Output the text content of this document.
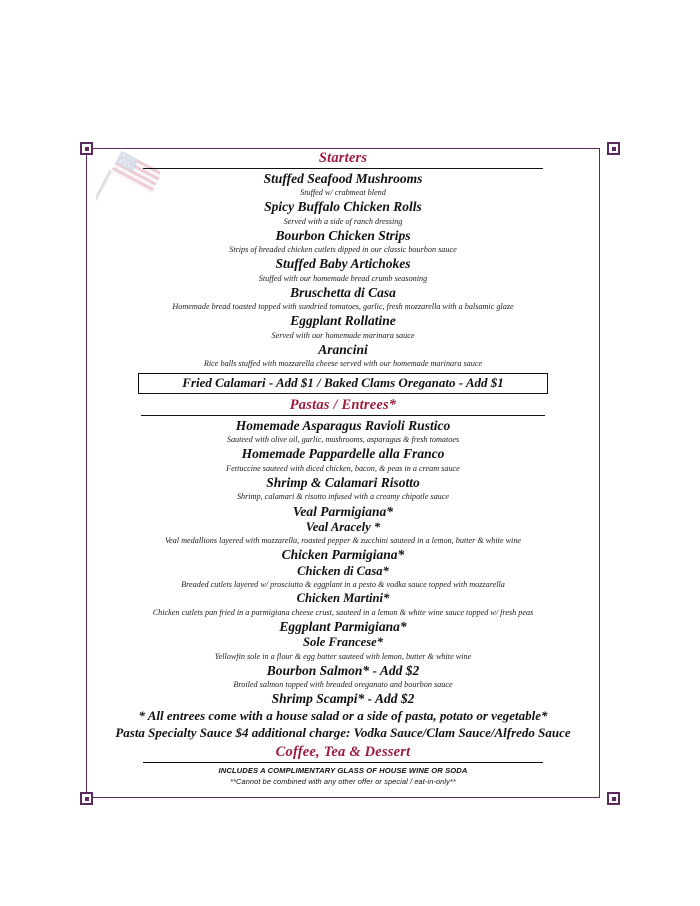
Starters
Stuffed Seafood Mushrooms
Stuffed w/ crabmeat blend
Spicy Buffalo Chicken Rolls
Served with a side of ranch dressing
Bourbon Chicken Strips
Strips of breaded chicken cutlets dipped in our classic bourbon sauce
Stuffed Baby Artichokes
Stuffed with our homemade bread crumb seasoning
Bruschetta di Casa
Homemade bread toasted topped with sundried tomatoes, garlic, fresh mozzarella with a balsamic glaze
Eggplant Rollatine
Served with our homemade marinara sauce
Arancini
Rice balls stuffed with mozzarella cheese served with our homemade marinara sauce
Fried Calamari - Add $1 / Baked Clams Oreganato - Add $1
Pastas / Entrees*
Homemade Asparagus Ravioli Rustico
Sauteed with olive oil, garlic, mushrooms, asparagus & fresh tomatoes
Homemade Pappardelle alla Franco
Fettuccine sauteed with diced chicken, bacon, & peas in a cream sauce
Shrimp & Calamari Risotto
Shrimp, calamari & risotto infused with a creamy chipotle sauce
Veal Parmigiana*
Veal Aracely *
Veal medallions layered with mozzarella, roasted pepper & zucchini sauteed in a lemon, butter & white wine
Chicken Parmigiana*
Chicken di Casa*
Breaded cutlets layered w/ prosciutto & eggplant in a pesto & vodka sauce topped with mozzarella
Chicken Martini*
Chicken cutlets pan fried in a parmigiana cheese crust, sauteed in a lemon & white wine sauce topped w/ fresh peas
Eggplant Parmigiana*
Sole Francese*
Yellowfin sole in a flour & egg batter sauteed with lemon, butter & white wine
Bourbon Salmon* - Add $2
Broiled salmon topped with breaded oreganato and bourbon sauce
Shrimp Scampi* - Add $2
* All entrees come with a house salad or a side of pasta, potato or vegetable*
Pasta Specialty Sauce $4 additional charge: Vodka Sauce/Clam Sauce/Alfredo Sauce
Coffee, Tea & Dessert
INCLUDES A COMPLIMENTARY GLASS OF HOUSE WINE OR SODA
**Cannot be combined with any other offer or special / eat-in-only**
